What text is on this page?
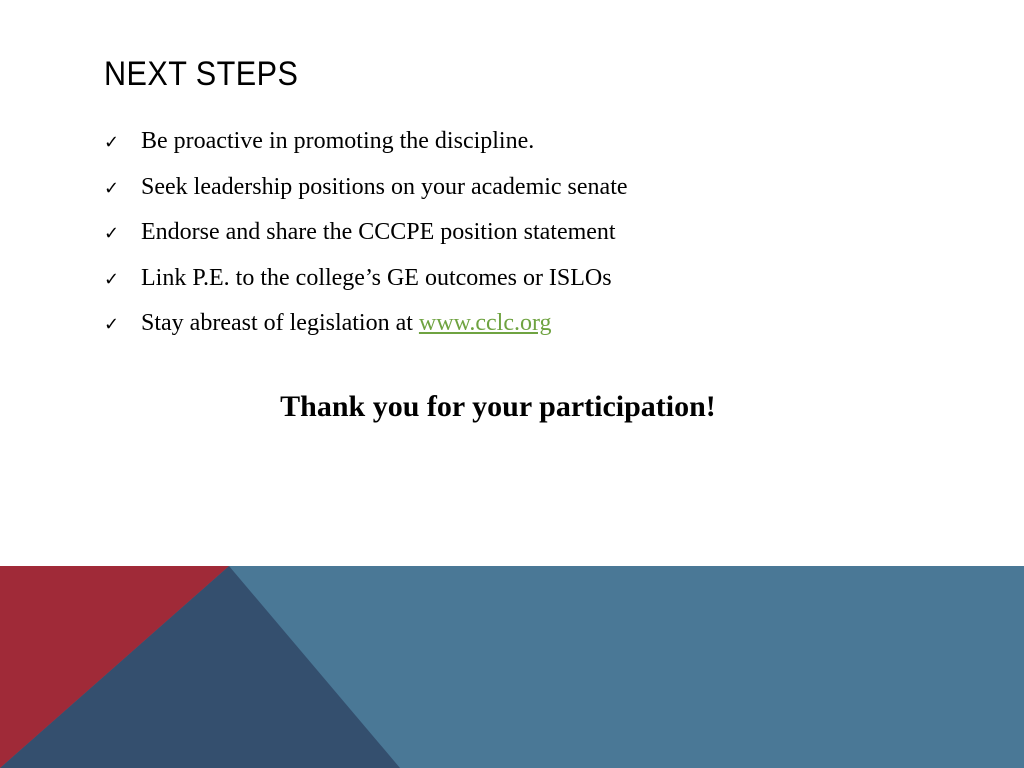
NEXT STEPS
✓ Be proactive in promoting the discipline.
✓ Seek leadership positions on your academic senate
✓ Endorse and share the CCCPE position statement
✓ Link P.E. to the college’s GE outcomes or ISLOs
✓ Stay abreast of legislation at www.cclc.org

Thank you for your participation!
